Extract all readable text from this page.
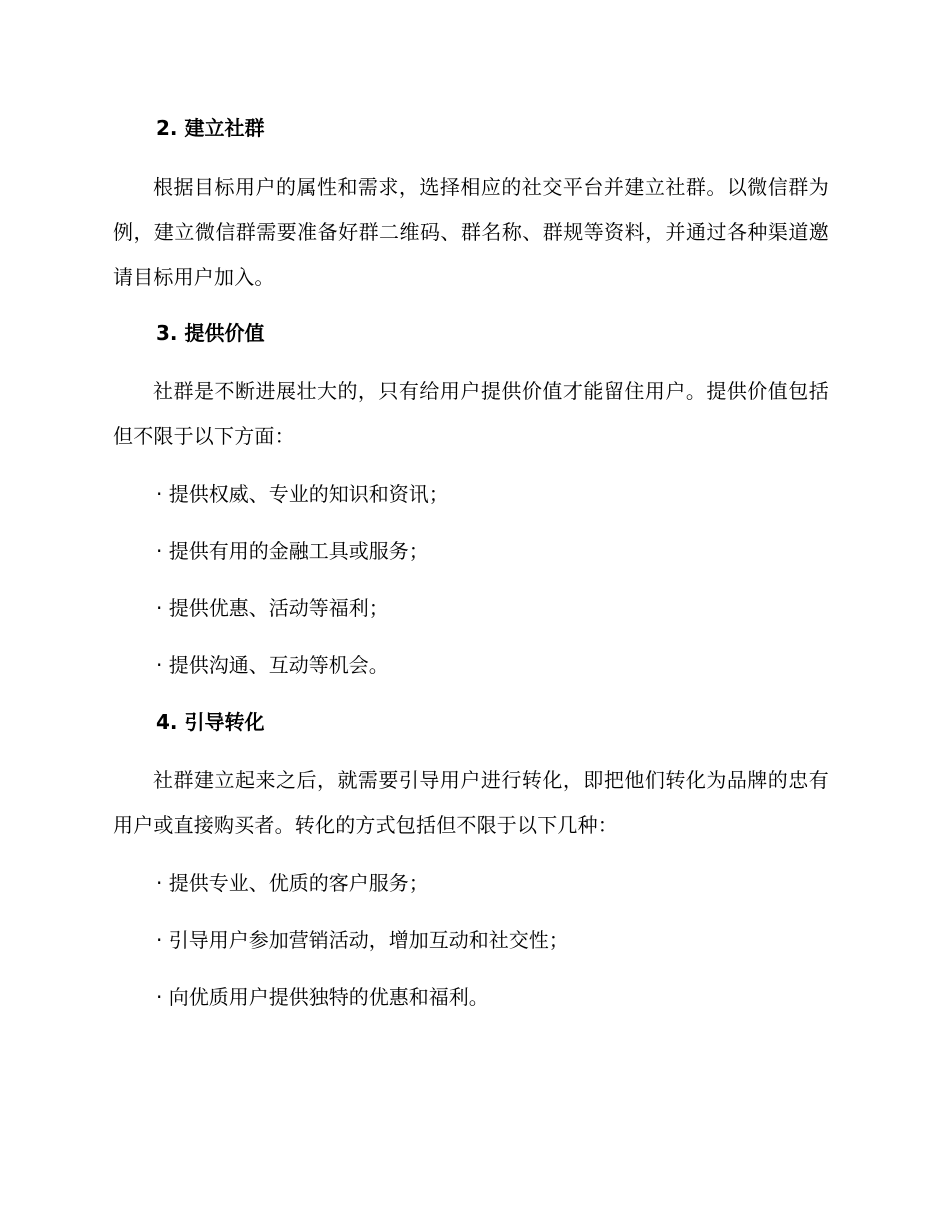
2. 建立社群

根据目标用户的属性和需求，选择相应的社交平台并建立社群。以微信群为例，建立微信群需要准备好群二维码、群名称、群规等资料，并通过各种渠道邀请目标用户加入。

3. 提供价值

社群是不断进展壮大的，只有给用户提供价值才能留住用户。提供价值包括但不限于以下方面：

· 提供权威、专业的知识和资讯；

· 提供有用的金融工具或服务；

· 提供优惠、活动等福利；

· 提供沟通、互动等机会。

4. 引导转化

社群建立起来之后，就需要引导用户进行转化，即把他们转化为品牌的忠有用户或直接购买者。转化的方式包括但不限于以下几种：

· 提供专业、优质的客户服务；

· 引导用户参加营销活动，增加互动和社交性；

· 向优质用户提供独特的优惠和福利。
